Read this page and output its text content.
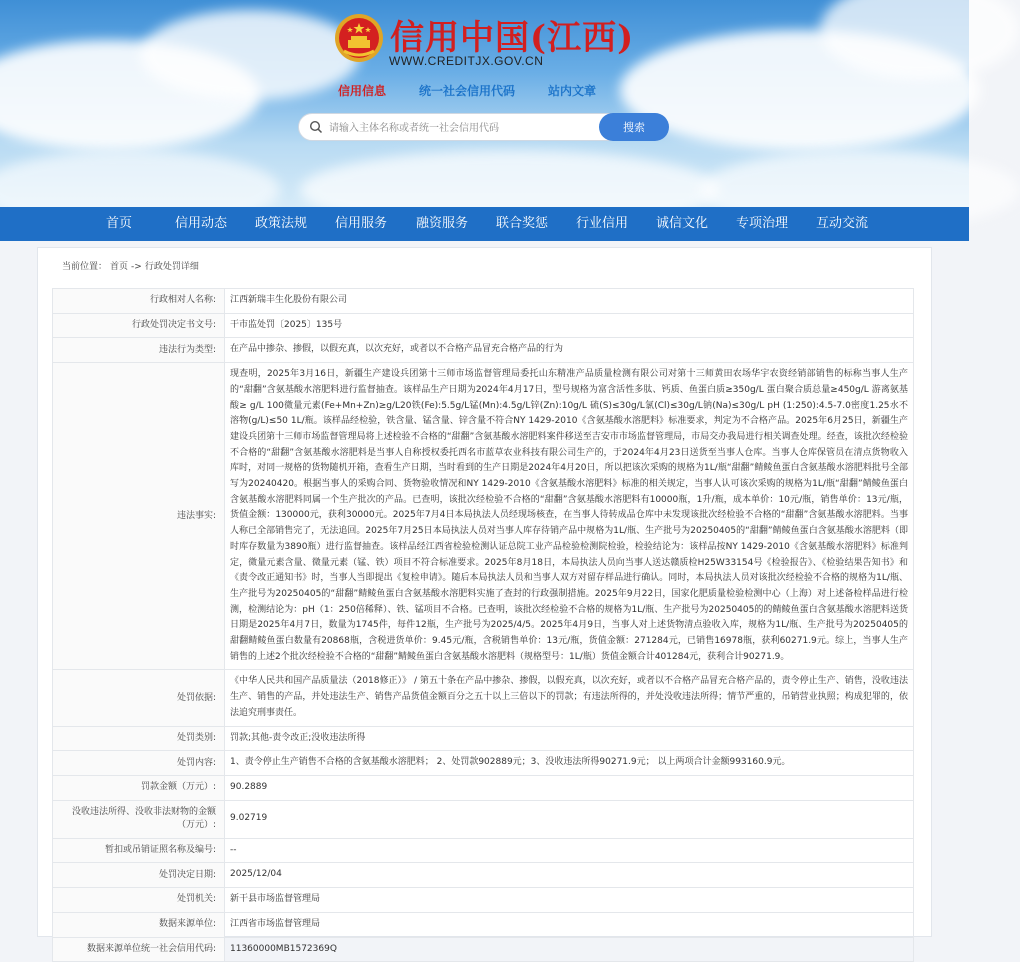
信用中国(江西)
WWW.CREDITJX.GOV.CN
信用信息	统一社会信用代码	站内文章
请输入主体名称或者统一社会信用代码
搜索
首页	信用动态 政策法规 信用服务 融资服务 联合奖惩 行业信用 诚信文化 专项治理 互动交流
当前位置： 首页 -> 行政处罚详细
行政相对人名称:	江西新瑞丰生化股份有限公司
行政处罚决定书文号:	干市监处罚〔2025〕135号
违法行为类型:	在产品中掺杂、掺假，以假充真，以次充好，或者以不合格产品冒充合格产品的行为
违法事实:	现查明，2025年3月16日，新疆生产建设兵团第十三师市场监督管理局委托山东精准产品质量检测有限公司对第十三师黄田农场华宇农资经销部销售的标称当事人生产的“甜翻”含氨基酸水溶肥料进行监督抽查。该样品生产日期为2024年4月17日，型号规格为富含活性多肽、钙质、鱼蛋白质≥350g/L 蛋白聚合质总量≥450g/L 游离氨基酸≥ g/L 100微量元素(Fe+Mn+Zn)≥g/L20铁(Fe):5.5g/L锰(Mn):4.5g/L锌(Zn):10g/L 硫(S)≤30g/L氯(Cl)≤30g/L钠(Na)≤30g/L pH (1:250):4.5-7.0密度1.25水不溶物(g/L)≤50 1L/瓶。该样品经检验，铁含量、锰含量、锌含量不符合NY 1429-2010《含氨基酸水溶肥料》标准要求，判定为不合格产品。2025年6月25日，新疆生产建设兵团第十三师市场监督管理局将上述检验不合格的“甜翻”含氨基酸水溶肥料案件移送至吉安市市场监督管理局，市局交办我局进行相关调查处理。经查，该批次经检验不合格的“甜翻”含氨基酸水溶肥料是当事人自称授权委托西名市蓝草农业科技有限公司生产的，于2024年4月23日送货至当事人仓库。当事人仓库保管员在清点货物收入库时，对同一规格的货物随机开箱，查看生产日期，当时看到的生产日期是2024年4月20日，所以把该次采购的规格为1L/瓶“甜翻”鲭鲮鱼蛋白含氨基酸水溶肥料批号全部写为20240420。根据当事人的采购合同、货物验收情况和NY 1429-2010《含氨基酸水溶肥料》标准的相关规定，当事人认可该次采购的规格为1L/瓶“甜翻”鲭鲮鱼蛋白含氨基酸水溶肥料同属一个生产批次的产品。已查明，该批次经检验不合格的“甜翻”含氨基酸水溶肥料有10000瓶，1升/瓶，成本单价：10元/瓶，销售单价：13元/瓶，货值金额：130000元，获利30000元。2025年7月4日本局执法人员经现场核查，在当事人待转成品仓库中未发现该批次经检验不合格的“甜翻”含氨基酸水溶肥料。当事人称已全部销售完了，无法追回。2025年7月25日本局执法人员对当事人库存待销产品中规格为1L/瓶、生产批号为20250405的“甜翻”鲭鲮鱼蛋白含氨基酸水溶肥料（即时库存数量为3890瓶）进行监督抽查。该样品经江西省检验检测认证总院工业产品检验检测院检验，检验结论为：该样品按NY 1429-2010《含氨基酸水溶肥料》标准判定，微量元素含量、微量元素（锰、铁）项目不符合标准要求。2025年8月18日，本局执法人员向当事人送达赣质检H25W33154号《检验报告》、《检验结果告知书》和《责令改正通知书》时，当事人当即提出《复检申请》。随后本局执法人员和当事人双方对留存样品进行确认。同时，本局执法人员对该批次经检验不合格的规格为1L/瓶、生产批号为20250405的“甜翻”鲭鲮鱼蛋白含氨基酸水溶肥料实施了查封的行政强制措施。2025年9月22日，国家化肥质量检验检测中心（上海）对上述备检样品进行检测，检测结论为：pH（1：250倍稀释）、铁、锰项目不合格。已查明，该批次经检验不合格的规格为1L/瓶、生产批号为20250405的的鲭鲮鱼蛋白含氨基酸水溶肥料送货日期是2025年4月7日，数量为1745件，每件12瓶，生产批号为2025/4/5。2025年4月9日，当事人对上述货物清点验收入库，规格为1L/瓶、生产批号为20250405的甜翻鲭鲮鱼蛋白数量有20868瓶，含税进货单价：9.45元/瓶，含税销售单价：13元/瓶，货值金额：271284元，已销售16978瓶，获利60271.9元。综上，当事人生产销售的上述2个批次经检验不合格的“甜翻”鲭鲮鱼蛋白含氨基酸水溶肥料（规格型号：1L/瓶）货值金额合计401284元，获利合计90271.9。
处罚依据:	《中华人民共和国产品质量法（2018修正）》 / 第五十条在产品中掺杂、掺假，以假充真，以次充好，或者以不合格产品冒充合格产品的，责令停止生产、销售，没收违法生产、销售的产品，并处违法生产、销售产品货值金额百分之五十以上三倍以下的罚款；有违法所得的，并处没收违法所得；情节严重的，吊销营业执照；构成犯罪的，依法追究刑事责任。
处罚类别:	罚款;其他-责令改正;没收违法所得
处罚内容:	1、责令停止生产销售不合格的含氨基酸水溶肥料； 2、处罚款902889元；3、没收违法所得90271.9元； 以上两项合计金额993160.9元。
罚款金额（万元）:	90.2889
没收违法所得、没收非法财物的金额（万元）:	9.02719
暂扣或吊销证照名称及编号:	--
处罚决定日期:	2025/12/04
处罚机关:	新干县市场监督管理局
数据来源单位:	江西省市场监督管理局
数据来源单位统一社会信用代码:	11360000MB1572369Q
